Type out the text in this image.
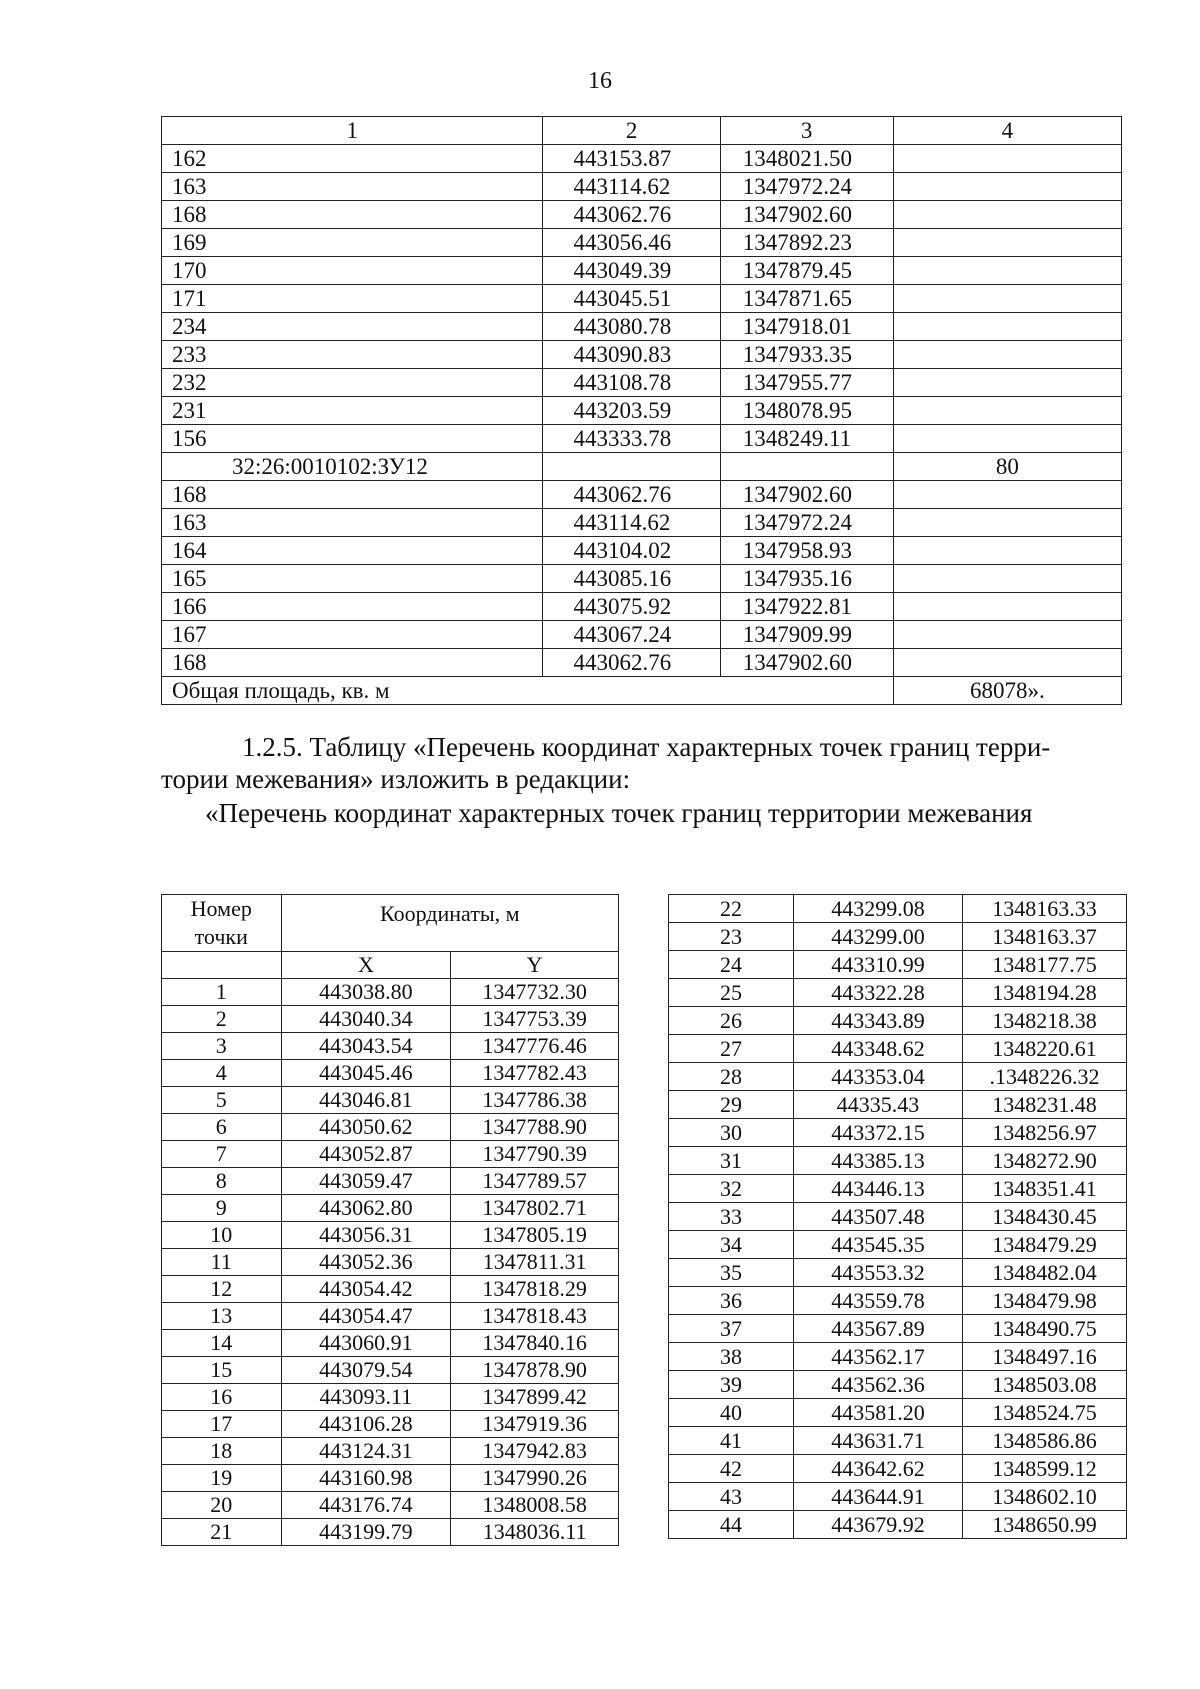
16
1	2	3	4
162	443153.87	1348021.50	
163	443114.62	1347972.24	
168	443062.76	1347902.60	
169	443056.46	1347892.23	
170	443049.39	1347879.45	
171	443045.51	1347871.65	
234	443080.78	1347918.01	
233	443090.83	1347933.35	
232	443108.78	1347955.77	
231	443203.59	1348078.95	
156	443333.78	1348249.11	
32:26:0010102:ЗУ12			80
168	443062.76	1347902.60	
163	443114.62	1347972.24	
164	443104.02	1347958.93	
165	443085.16	1347935.16	
166	443075.92	1347922.81	
167	443067.24	1347909.99	
168	443062.76	1347902.60	
Общая площадь, кв. м			68078».
1.2.5. Таблицу «Перечень координат характерных точек границ терри-
тории межевания» изложить в редакции:
«Перечень координат характерных точек границ территории межевания
Номер точки	Координаты, м	
	X	Y
1	443038.80	1347732.30
2	443040.34	1347753.39
3	443043.54	1347776.46
4	443045.46	1347782.43
5	443046.81	1347786.38
6	443050.62	1347788.90
7	443052.87	1347790.39
8	443059.47	1347789.57
9	443062.80	1347802.71
10	443056.31	1347805.19
11	443052.36	1347811.31
12	443054.42	1347818.29
13	443054.47	1347818.43
14	443060.91	1347840.16
15	443079.54	1347878.90
16	443093.11	1347899.42
17	443106.28	1347919.36
18	443124.31	1347942.83
19	443160.98	1347990.26
20	443176.74	1348008.58
21	443199.79	1348036.11
22	443299.08	1348163.33
23	443299.00	1348163.37
24	443310.99	1348177.75
25	443322.28	1348194.28
26	443343.89	1348218.38
27	443348.62	1348220.61
28	443353.04	.1348226.32
29	44335.43	1348231.48
30	443372.15	1348256.97
31	443385.13	1348272.90
32	443446.13	1348351.41
33	443507.48	1348430.45
34	443545.35	1348479.29
35	443553.32	1348482.04
36	443559.78	1348479.98
37	443567.89	1348490.75
38	443562.17	1348497.16
39	443562.36	1348503.08
40	443581.20	1348524.75
41	443631.71	1348586.86
42	443642.62	1348599.12
43	443644.91	1348602.10
44	443679.92	1348650.99
